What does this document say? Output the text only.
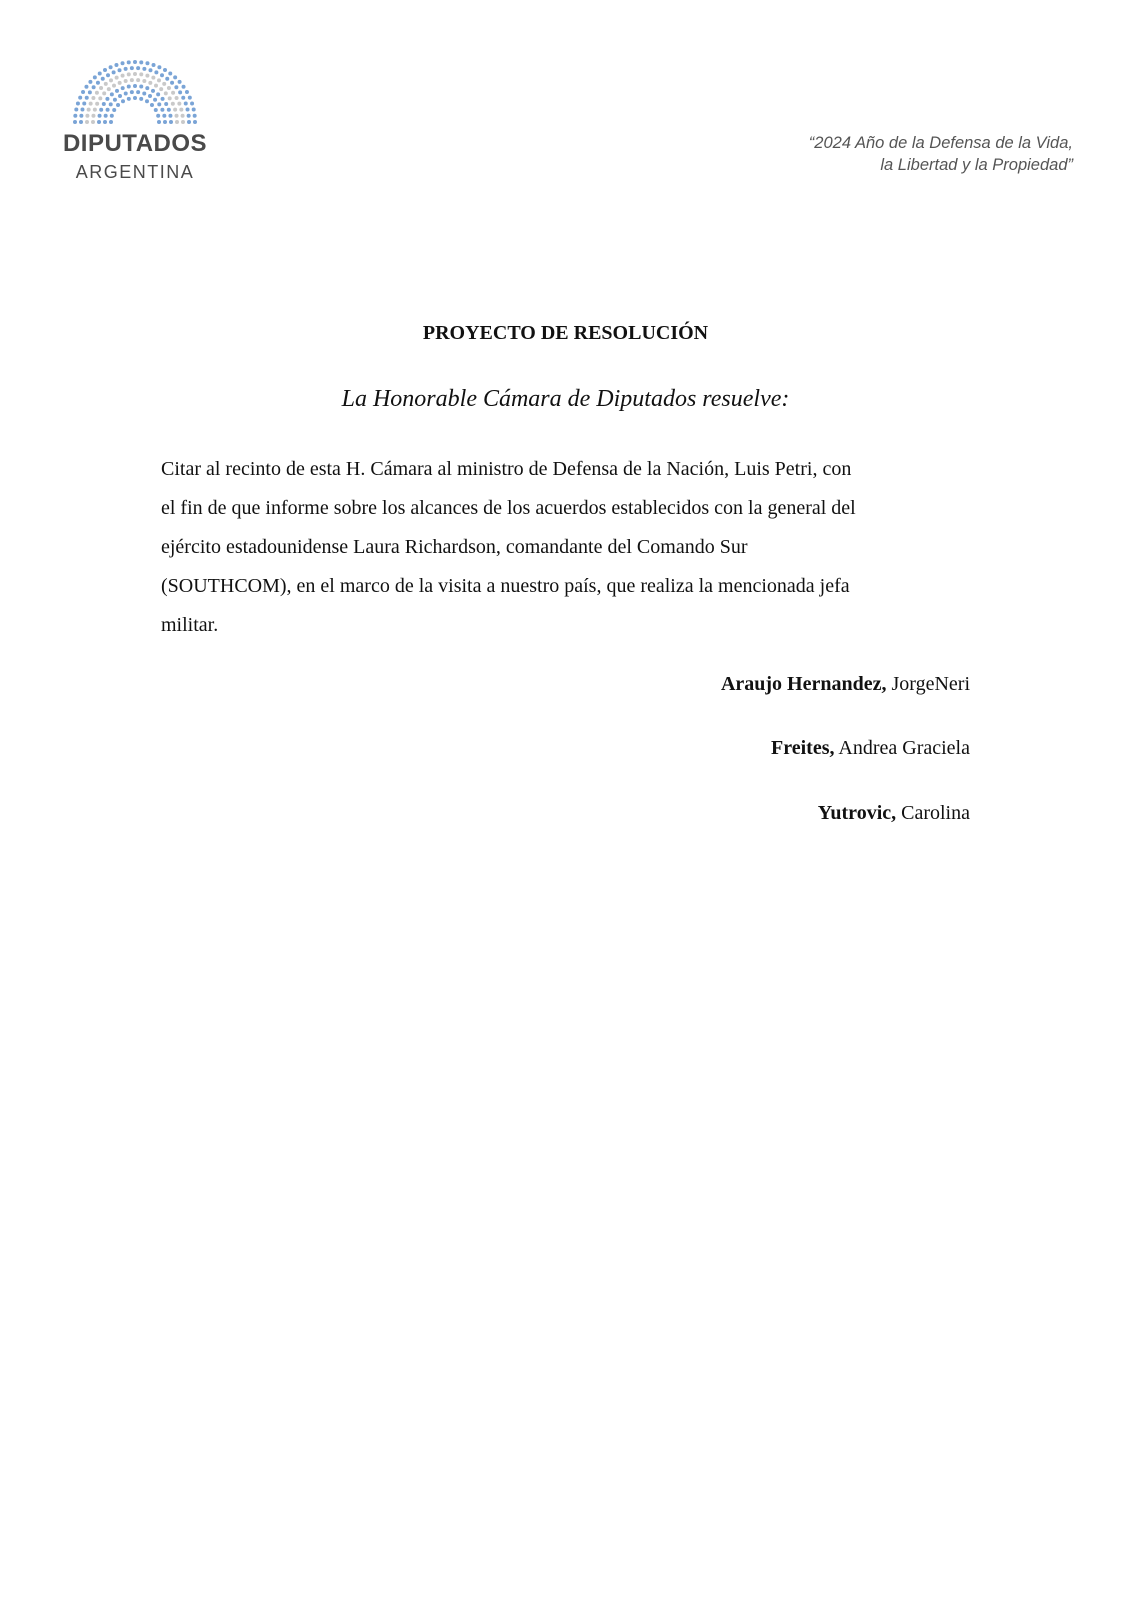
DIPUTADOS
ARGENTINA
“2024 Año de la Defensa de la Vida,
la Libertad y la Propiedad”
PROYECTO DE RESOLUCIÓN
La Honorable Cámara de Diputados resuelve:
Citar al recinto de esta H. Cámara al ministro de Defensa de la Nación, Luis Petri, con
el fin de que informe sobre los alcances de los acuerdos establecidos con la general del
ejército estadounidense Laura Richardson, comandante del Comando Sur
(SOUTHCOM), en el marco de la visita a nuestro país, que realiza la mencionada jefa
militar.
Araujo Hernandez, JorgeNeri
Freites, Andrea Graciela
Yutrovic, Carolina
